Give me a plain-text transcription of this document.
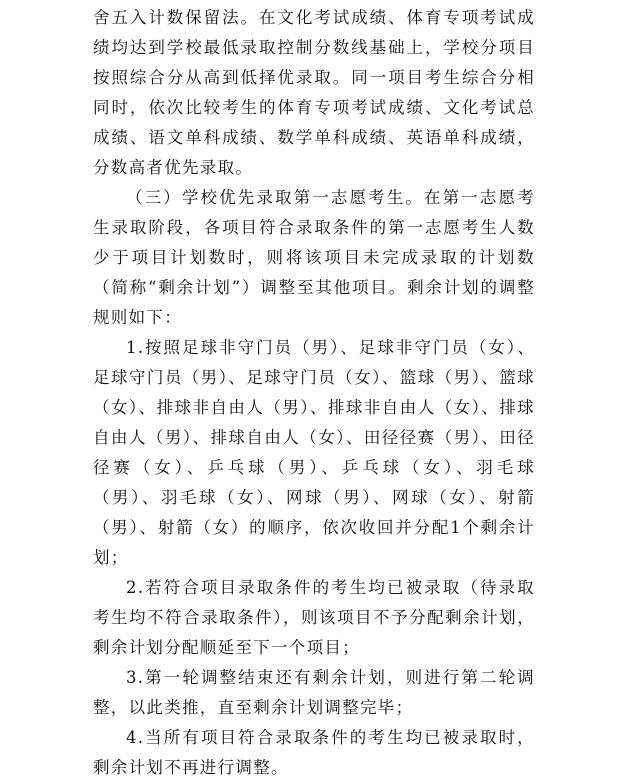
舍五入计数保留法。在文化考试成绩、体育专项考试成绩均达到学校最低录取控制分数线基础上，学校分项目按照综合分从高到低择优录取。同一项目考生综合分相同时，依次比较考生的体育专项考试成绩、文化考试总成绩、语文单科成绩、数学单科成绩、英语单科成绩，分数高者优先录取。

（三）学校优先录取第一志愿考生。在第一志愿考生录取阶段，各项目符合录取条件的第一志愿考生人数少于项目计划数时，则将该项目未完成录取的计划数（简称“剩余计划”）调整至其他项目。剩余计划的调整规则如下：

1.按照足球非守门员（男）、足球非守门员（女）、足球守门员（男）、足球守门员（女）、篮球（男）、篮球（女）、排球非自由人（男）、排球非自由人（女）、排球自由人（男）、排球自由人（女）、田径径赛（男）、田径径赛（女）、乒乓球（男）、乒乓球（女）、羽毛球（男）、羽毛球（女）、网球（男）、网球（女）、射箭（男）、射箭（女）的顺序，依次收回并分配1个剩余计划；

2.若符合项目录取条件的考生均已被录取（待录取考生均不符合录取条件），则该项目不予分配剩余计划，剩余计划分配顺延至下一个项目；

3.第一轮调整结束还有剩余计划，则进行第二轮调整，以此类推，直至剩余计划调整完毕；

4.当所有项目符合录取条件的考生均已被录取时，剩余计划不再进行调整。
